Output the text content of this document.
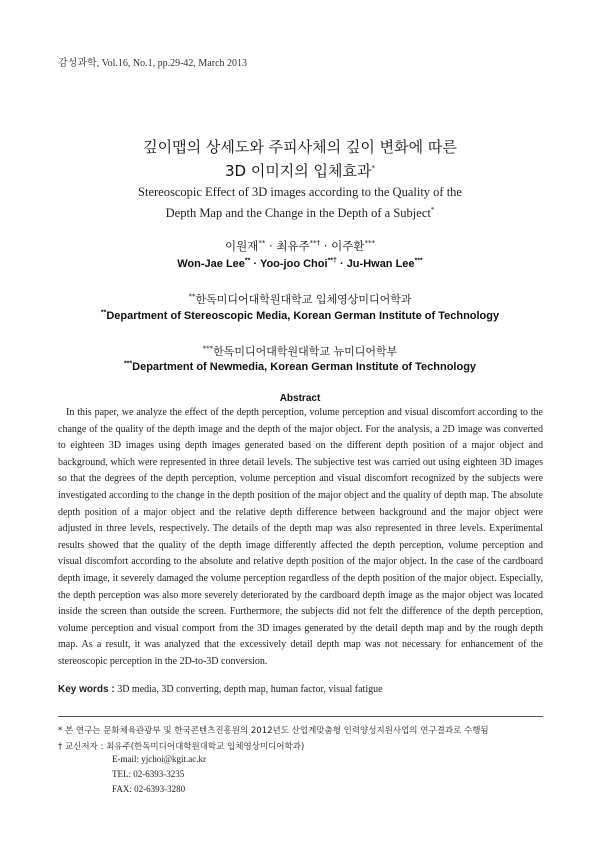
감성과학, Vol.16, No.1, pp.29-42, March 2013
깊이맵의 상세도와 주피사체의 깊이 변화에 따른
3D 이미지의 입체효과*
Stereoscopic Effect of 3D images according to the Quality of the
Depth Map and the Change in the Depth of a Subject*
이원재** · 최유주**† · 이주환***
Won-Jae Lee** · Yoo-joo Choi**† · Ju-Hwan Lee***
**한독미디어대학원대학교 입체영상미디어학과
**Department of Stereoscopic Media, Korean German Institute of Technology
***한독미디어대학원대학교 뉴미디어학부
***Department of Newmedia, Korean German Institute of Technology
Abstract

In this paper, we analyze the effect of the depth perception, volume perception and visual discomfort according to the change of the quality of the depth image and the depth of the major object. For the analysis, a 2D image was converted to eighteen 3D images using depth images generated based on the different depth position of a major object and background, which were represented in three detail levels. The subjective test was carried out using eighteen 3D images so that the degrees of the depth perception, volume perception and visual discomfort recognized by the subjects were investigated according to the change in the depth position of the major object and the quality of depth map. The absolute depth position of a major object and the relative depth difference between background and the major object were adjusted in three levels, respectively. The details of the depth map was also represented in three levels. Experimental results showed that the quality of the depth image differently affected the depth perception, volume perception and visual discomfort according to the absolute and relative depth position of the major object. In the case of the cardboard depth image, it severely damaged the volume perception regardless of the depth position of the major object. Especially, the depth perception was also more severely deteriorated by the cardboard depth image as the major object was located inside the screen than outside the screen. Furthermore, the subjects did not felt the difference of the depth perception, volume perception and visual comport from the 3D images generated by the detail depth map and by the rough depth map. As a result, it was analyzed that the excessively detail depth map was not necessary for enhancement of the stereoscopic perception in the 2D-to-3D conversion.

Key words : 3D media, 3D converting, depth map, human factor, visual fatigue
* 본 연구는 문화체육관광부 및 한국콘텐츠진흥원의 2012년도 산업계맞춤형 인력양성지원사업의 연구결과로 수행됨
† 교신저자 : 최유주(한독미디어대학원대학교 입체영상미디어학과)
E-mail: yjchoi@kgit.ac.kr
TEL: 02-6393-3235
FAX: 02-6393-3280
